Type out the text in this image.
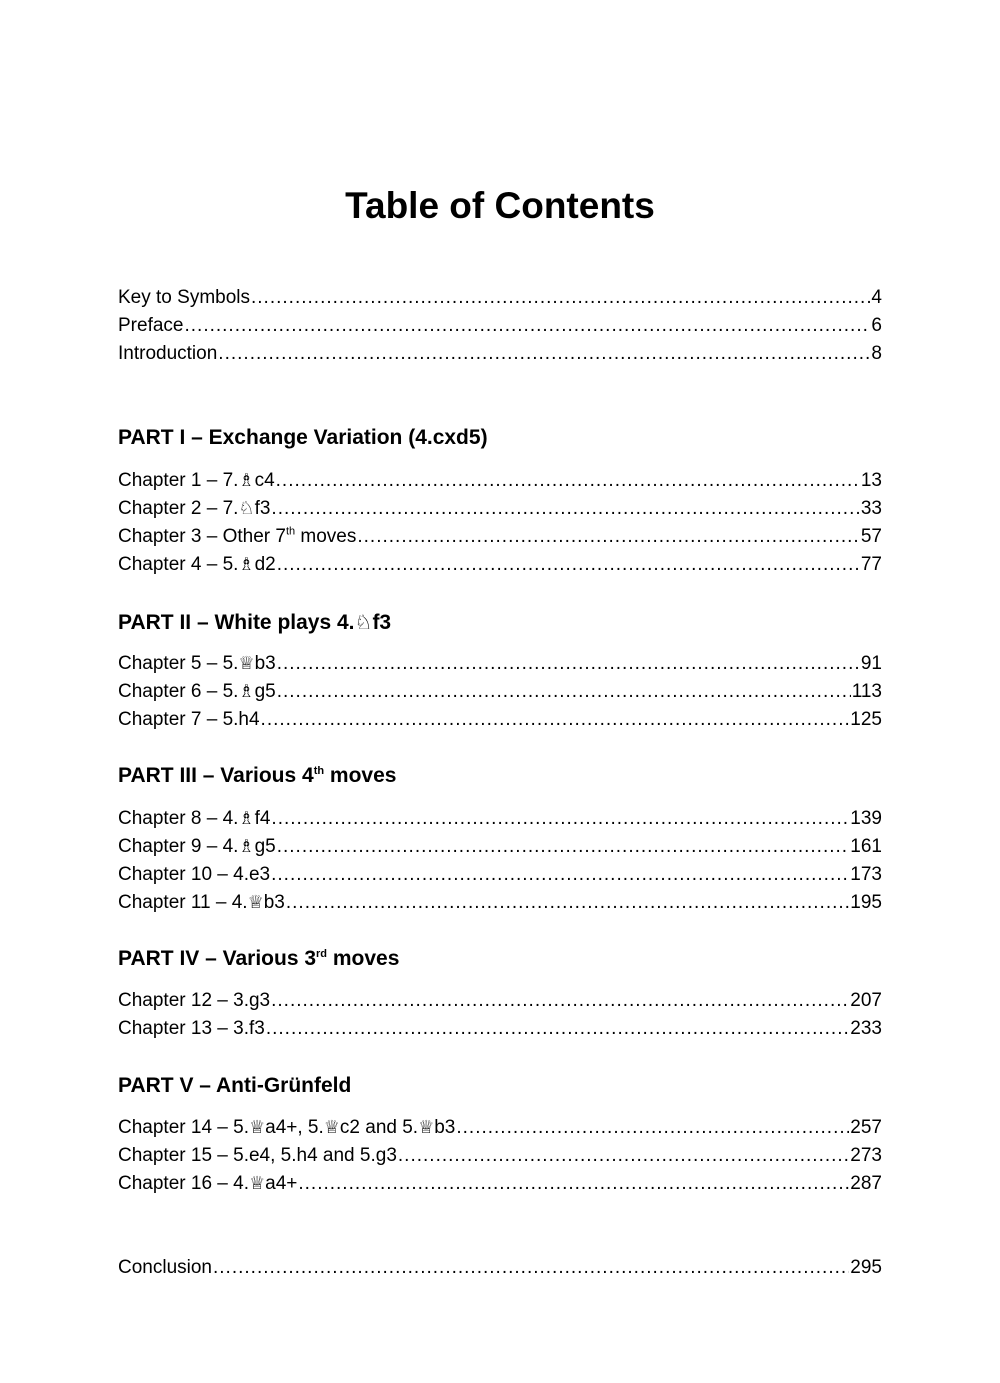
Table of Contents
Key to Symbols .....	4
Preface .....	6
Introduction .....	8
PART I – Exchange Variation (4.cxd5)
Chapter 1 – 7.♗c4 .....	13
Chapter 2 – 7.♘f3 .....	33
Chapter 3 – Other 7th moves .....	57
Chapter 4 – 5.♗d2 .....	77
PART II – White plays 4.♘f3
Chapter 5 – 5.♕b3 .....	91
Chapter 6 – 5.♗g5 .....	113
Chapter 7 – 5.h4 .....	125
PART III – Various 4th moves
Chapter 8 – 4.♗f4 .....	139
Chapter 9 – 4.♗g5 .....	161
Chapter 10 – 4.e3 .....	173
Chapter 11 – 4.♕b3 .....	195
PART IV – Various 3rd moves
Chapter 12 – 3.g3 .....	207
Chapter 13 – 3.f3 .....	233
PART V – Anti-Grünfeld
Chapter 14 – 5.♕a4+, 5.♕c2 and 5.♕b3 .....	257
Chapter 15 – 5.e4, 5.h4 and 5.g3 .....	273
Chapter 16 – 4.♕a4+ .....	287
Conclusion .....	295
